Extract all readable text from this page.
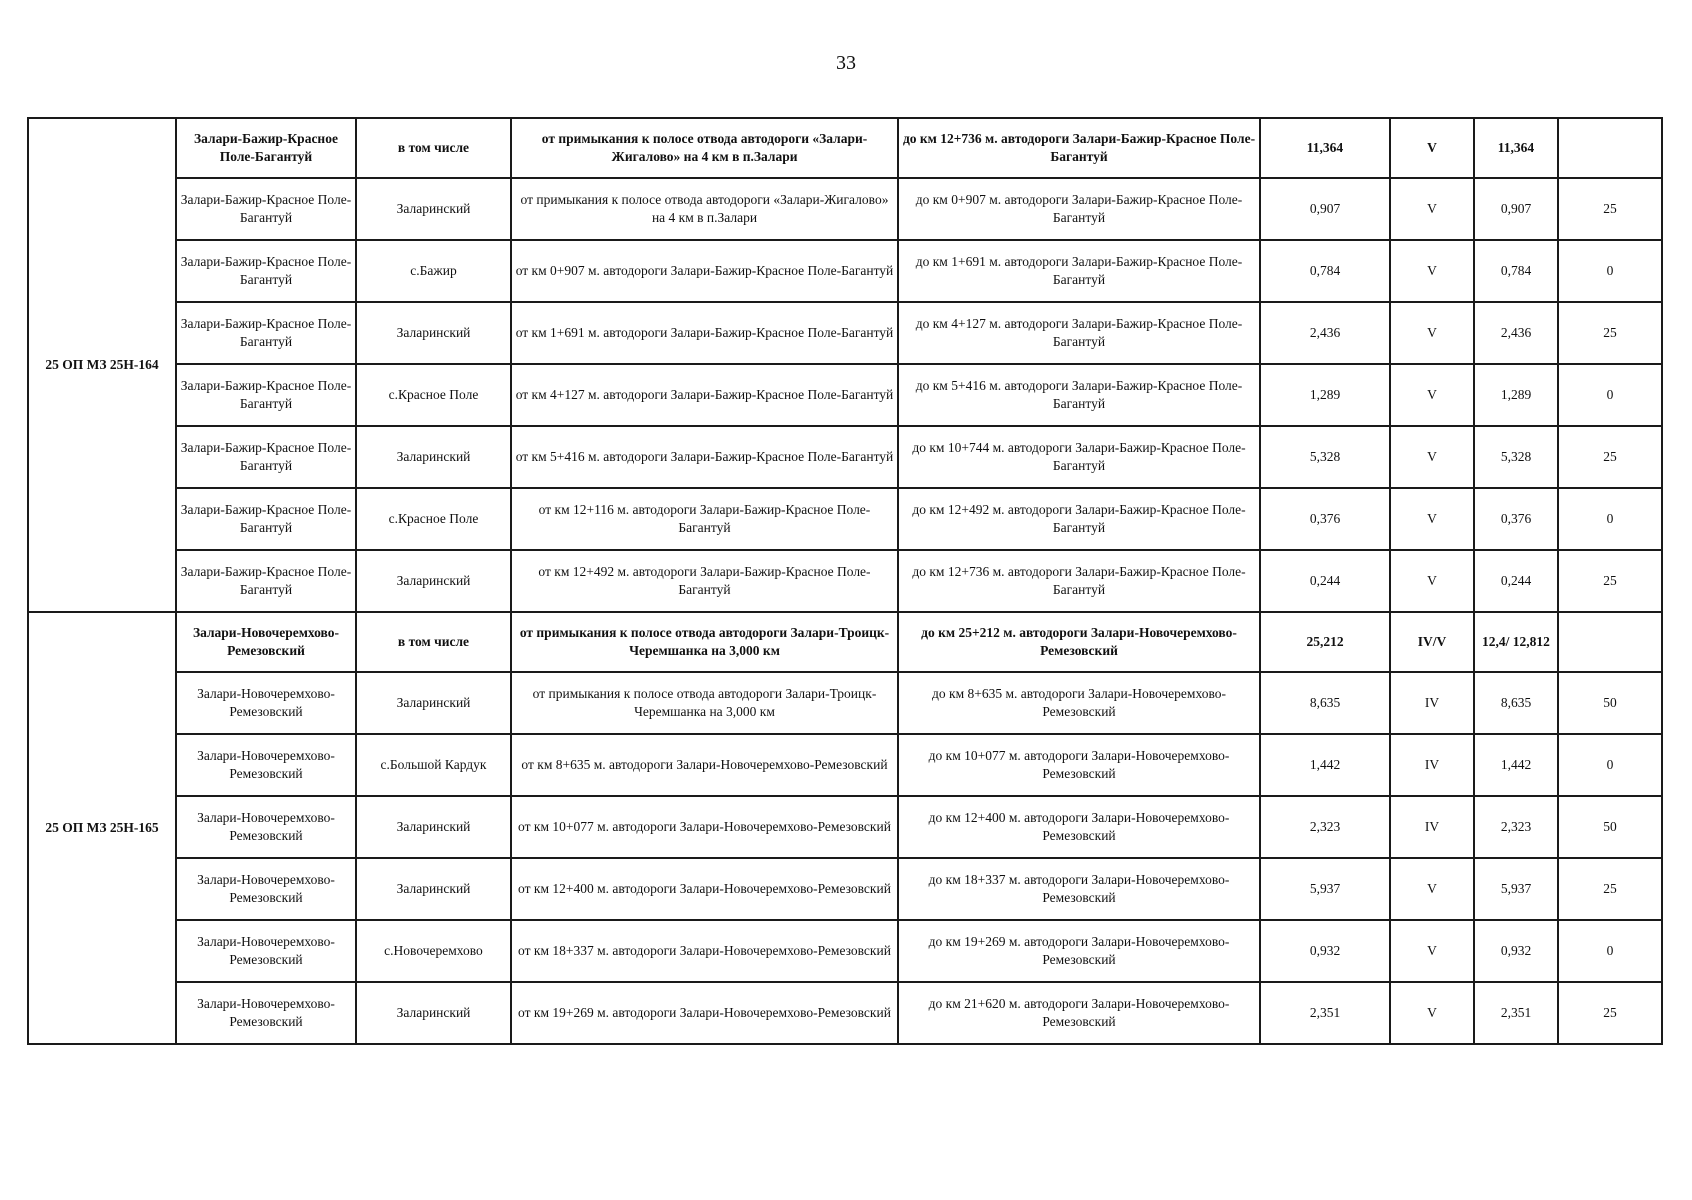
33
25 ОП МЗ 25Н-164	Залари-Бажир-Красное Поле-Багантуй	в том числе	от примыкания к полосе отвода автодороги «Залари-Жигалово» на 4 км в п.Залари	до км 12+736 м. автодороги Залари-Бажир-Красное Поле-Багантуй	11,364	V	11,364	
	Залари-Бажир-Красное Поле-Багантуй	Заларинский	от примыкания к полосе отвода автодороги «Залари-Жигалово» на 4 км в п.Залари	до км 0+907 м. автодороги Залари-Бажир-Красное Поле-Багантуй	0,907	V	0,907	25
	Залари-Бажир-Красное Поле-Багантуй	с.Бажир	от км 0+907 м. автодороги Залари-Бажир-Красное Поле-Багантуй	до км 1+691 м. автодороги Залари-Бажир-Красное Поле-Багантуй	0,784	V	0,784	0
	Залари-Бажир-Красное Поле-Багантуй	Заларинский	от км 1+691 м. автодороги Залари-Бажир-Красное Поле-Багантуй	до км 4+127 м. автодороги Залари-Бажир-Красное Поле-Багантуй	2,436	V	2,436	25
	Залари-Бажир-Красное Поле-Багантуй	с.Красное Поле	от км 4+127 м. автодороги Залари-Бажир-Красное Поле-Багантуй	до км 5+416 м. автодороги Залари-Бажир-Красное Поле-Багантуй	1,289	V	1,289	0
	Залари-Бажир-Красное Поле-Багантуй	Заларинский	от км 5+416 м. автодороги Залари-Бажир-Красное Поле-Багантуй	до км 10+744 м. автодороги Залари-Бажир-Красное Поле-Багантуй	5,328	V	5,328	25
	Залари-Бажир-Красное Поле-Багантуй	с.Красное Поле	от км 12+116 м. автодороги Залари-Бажир-Красное Поле-Багантуй	до км 12+492 м. автодороги Залари-Бажир-Красное Поле-Багантуй	0,376	V	0,376	0
	Залари-Бажир-Красное Поле-Багантуй	Заларинский	от км 12+492 м. автодороги Залари-Бажир-Красное Поле-Багантуй	до км 12+736 м. автодороги Залари-Бажир-Красное Поле-Багантуй	0,244	V	0,244	25
25 ОП МЗ 25Н-165	Залари-Новочеремхово-Ремезовский	в том числе	от примыкания к полосе отвода автодороги Залари-Троицк-Черемшанка на 3,000 км	до км 25+212 м. автодороги Залари-Новочеремхово-Ремезовский	25,212	IV/V	12,4/ 12,812	
	Залари-Новочеремхово-Ремезовский	Заларинский	от примыкания к полосе отвода автодороги Залари-Троицк-Черемшанка на 3,000 км	до км 8+635 м. автодороги Залари-Новочеремхово-Ремезовский	8,635	IV	8,635	50
	Залари-Новочеремхово-Ремезовский	с.Большой Кардук	от км 8+635 м. автодороги Залари-Новочеремхово-Ремезовский	до км 10+077 м. автодороги Залари-Новочеремхово-Ремезовский	1,442	IV	1,442	0
	Залари-Новочеремхово-Ремезовский	Заларинский	от км 10+077 м. автодороги Залари-Новочеремхово-Ремезовский	до км 12+400 м. автодороги Залари-Новочеремхово-Ремезовский	2,323	IV	2,323	50
	Залари-Новочеремхово-Ремезовский	Заларинский	от км 12+400 м. автодороги Залари-Новочеремхово-Ремезовский	до км 18+337 м. автодороги Залари-Новочеремхово-Ремезовский	5,937	V	5,937	25
	Залари-Новочеремхово-Ремезовский	с.Новочеремхово	от км 18+337 м. автодороги Залари-Новочеремхово-Ремезовский	до км 19+269 м. автодороги Залари-Новочеремхово-Ремезовский	0,932	V	0,932	0
	Залари-Новочеремхово-Ремезовский	Заларинский	от км 19+269 м. автодороги Залари-Новочеремхово-Ремезовский	до км 21+620 м. автодороги Залари-Новочеремхово-Ремезовский	2,351	V	2,351	25
